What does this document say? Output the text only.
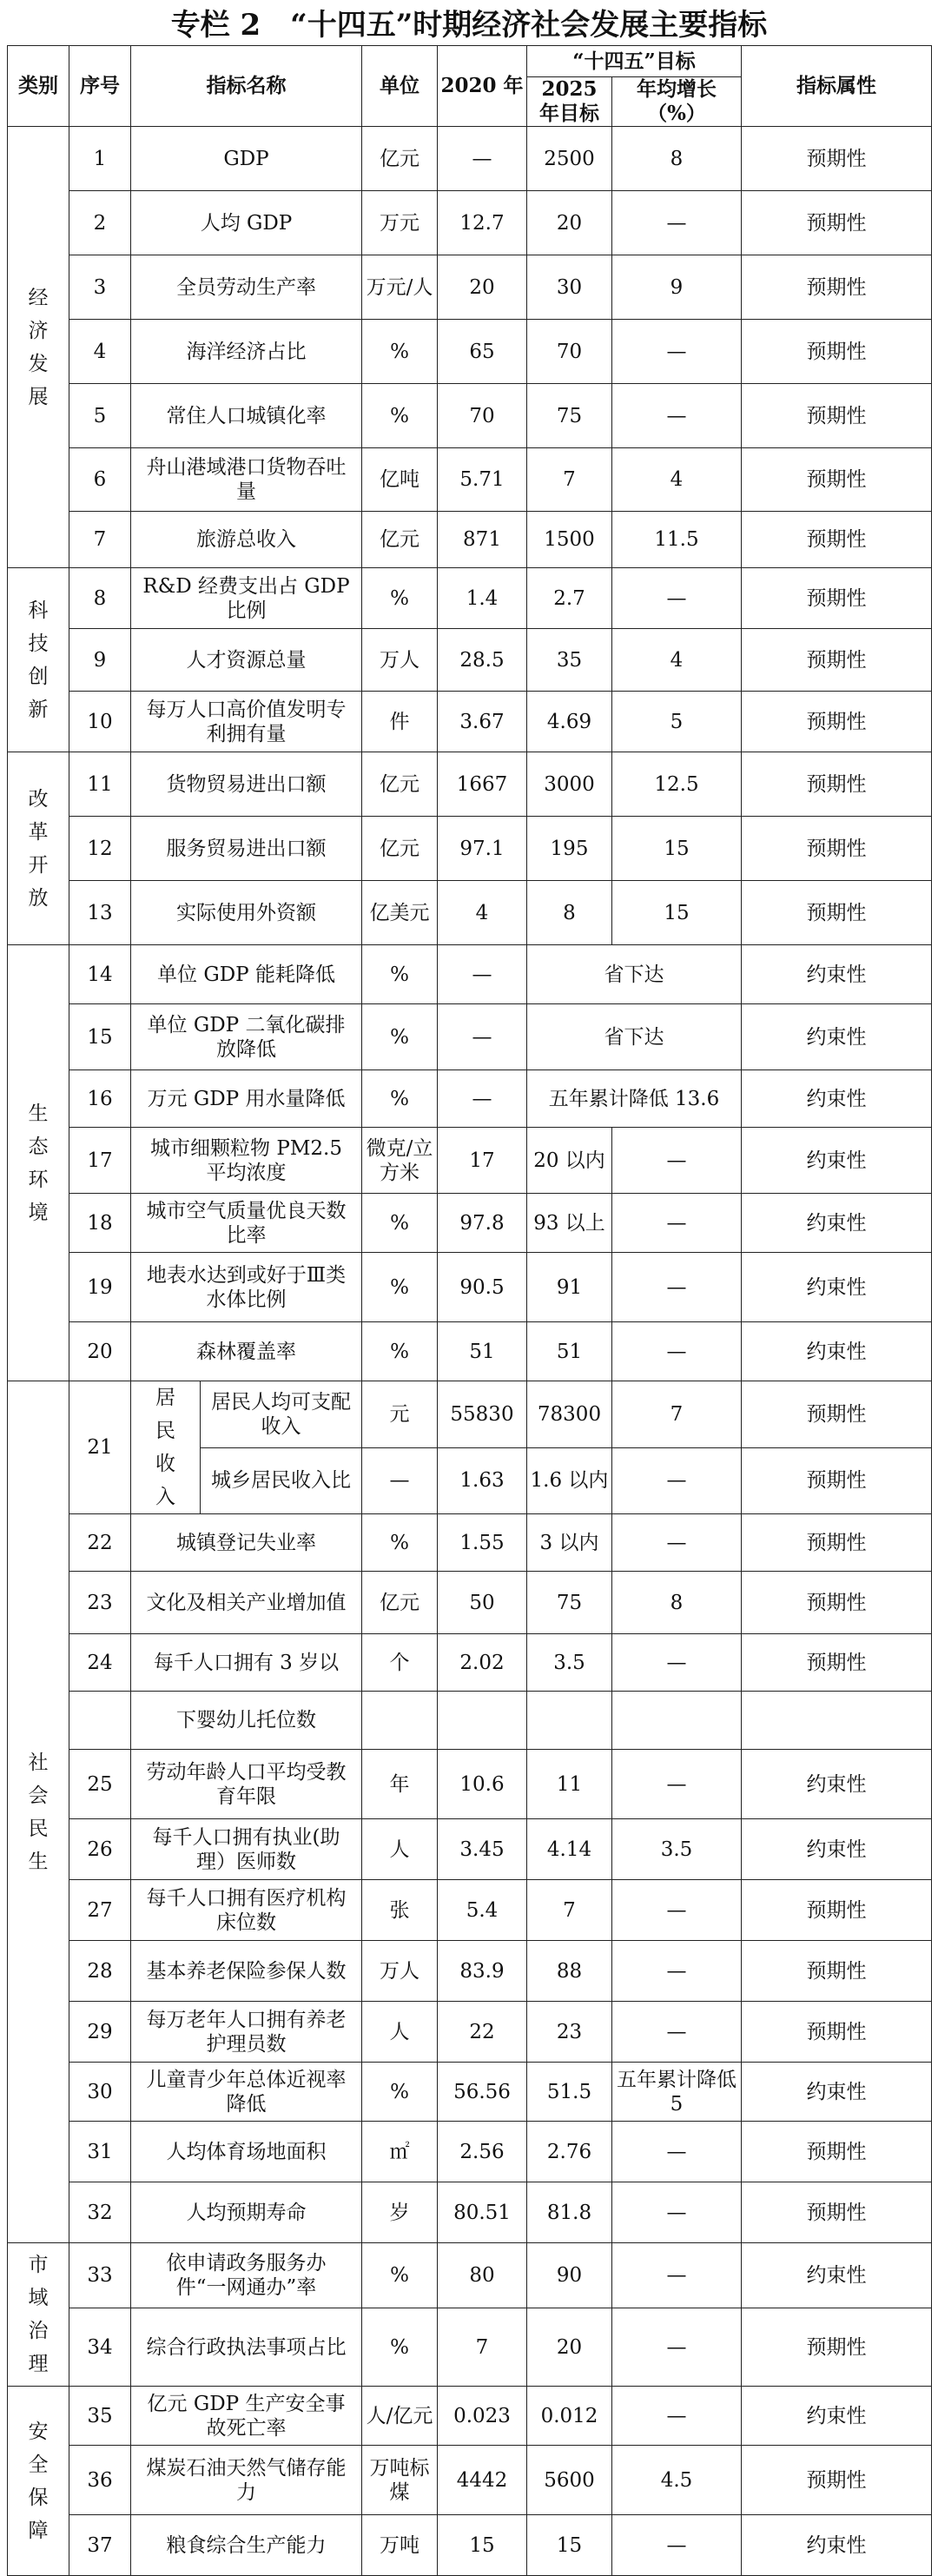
专栏 2　“十四五”时期经济社会发展主要指标
类别	序号	指标名称		单位	2020 年	“十四五”目标		指标属性
						2025 年目标	年均增长（%）	
经济发展	1	GDP		亿元	—	2500	8	预期性
	2	人均 GDP		万元	12.7	20	—	预期性
	3	全员劳动生产率		万元/人	20	30	9	预期性
	4	海洋经济占比		%	65	70	—	预期性
	5	常住人口城镇化率		%	70	75	—	预期性
	6	舟山港域港口货物吞吐量		亿吨	5.71	7	4	预期性
	7	旅游总收入		亿元	871	1500	11.5	预期性
科技创新	8	R&D 经费支出占 GDP 比例		%	1.4	2.7	—	预期性
	9	人才资源总量		万人	28.5	35	4	预期性
	10	每万人口高价值发明专利拥有量		件	3.67	4.69	5	预期性
改革开放	11	货物贸易进出口额		亿元	1667	3000	12.5	预期性
	12	服务贸易进出口额		亿元	97.1	195	15	预期性
	13	实际使用外资额		亿美元	4	8	15	预期性
生态环境	14	单位 GDP 能耗降低		%	—	省下达		约束性
	15	单位 GDP 二氧化碳排放降低		%	—	省下达		约束性
	16	万元 GDP 用水量降低		%	—	五年累计降低 13.6		约束性
	17	城市细颗粒物 PM2.5 平均浓度		微克/立方米	17	20 以内	—	约束性
	18	城市空气质量优良天数比率		%	97.8	93 以上	—	约束性
	19	地表水达到或好于Ⅲ类水体比例		%	90.5	91	—	约束性
	20	森林覆盖率		%	51	51	—	约束性
社会民生	21	居民收入	居民人均可支配收入	元	55830	78300	7	预期性
			城乡居民收入比	—	1.63	1.6 以内	—	预期性
	22	城镇登记失业率		%	1.55	3 以内	—	预期性
	23	文化及相关产业增加值		亿元	50	75	8	预期性
	24	每千人口拥有 3 岁以		个	2.02	3.5	—	预期性
		下婴幼儿托位数						
	25	劳动年龄人口平均受教育年限		年	10.6	11	—	约束性
	26	每千人口拥有执业(助理）医师数		人	3.45	4.14	3.5	约束性
	27	每千人口拥有医疗机构床位数		张	5.4	7	—	预期性
	28	基本养老保险参保人数		万人	83.9	88	—	预期性
	29	每万老年人口拥有养老护理员数		人	22	23	—	预期性
	30	儿童青少年总体近视率降低		%	56.56	51.5	五年累计降低 5	约束性
	31	人均体育场地面积		㎡	2.56	2.76	—	预期性
	32	人均预期寿命		岁	80.51	81.8	—	预期性
市域治理	33	依申请政务服务办件“一网通办”率		%	80	90	—	约束性
	34	综合行政执法事项占比		%	7	20	—	预期性
安全保障	35	亿元 GDP 生产安全事故死亡率		人/亿元	0.023	0.012	—	约束性
	36	煤炭石油天然气储存能力		万吨标煤	4442	5600	4.5	预期性
	37	粮食综合生产能力		万吨	15	15	—	约束性
